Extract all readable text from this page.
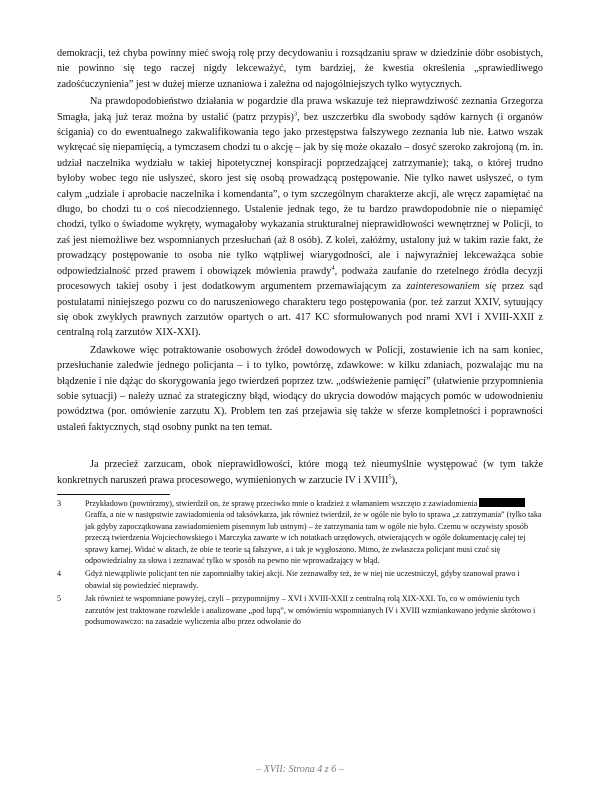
demokracji, też chyba powinny mieć swoją rolę przy decydowaniu i rozsądzaniu spraw w dziedzinie dóbr osobistych, nie powinno się tego raczej nigdy lekceważyć, tym bardziej, że kwestia określenia „sprawiedliwego zadośćuczynienia” jest w dużej mierze uznaniowa i zależna od najogólniejszych tylko wytycznych.

Na prawdopodobieństwo działania w pogardzie dla prawa wskazuje też nieprawdziwość zeznania Grzegorza Smagła, jaką już teraz można by ustalić (patrz przypis)$^3$, bez uszczerbku dla swobody sądów karnych (i organów ścigania) co do ewentualnego zakwalifikowania tego jako przestępstwa fałszywego zeznania lub nie. Łatwo wszak wykręcać się niepamięcią, a tymczasem chodzi tu o akcję – jak by się może okazało – dosyć szeroko zakrojoną (m. in. udział naczelnika wydziału w takiej hipotetycznej konspiracji poprzedzającej zatrzymanie); taką, o której trudno byłoby wobec tego nie usłyszeć, skoro jest się osobą prowadzącą postępowanie. Nie tylko nawet usłyszeć, o tym całym „udziale i aprobacie naczelnika i komendanta”, o tym szczególnym charakterze akcji, ale wręcz zapamiętać na długo, bo chodzi tu o coś niecodziennego. Ustalenie jednak tego, że tu bardzo prawdopodobnie nie o niepamięć chodzi, tylko o świadome wykręty, wymagałoby wykazania strukturalnej nieprawidłowości wewnętrznej w Policji, to zaś jest niemożliwe bez wspomnianych przesłuchań (aż 8 osób). Z kolei, załóżmy, ustalony już w takim razie fakt, że prowadzący postępowanie to osoba nie tylko wątpliwej wiarygodności, ale i najwyraźniej lekceważąca sobie odpowiedzialność przed prawem i obowiązek mówienia prawdy$^4$, podważa zaufanie do rzetelnego źródła decyzji procesowych takiej osoby i jest dodatkowym argumentem przemawiającym za zainteresowaniem się przez sąd postulatami niniejszego pozwu co do naruszeniowego charakteru tego postępowania (por. też zarzut XXIV, sytuujący się obok zwykłych prawnych zarzutów opartych o art. 417 KC sformułowanych pod nrami XVI i XVIII-XXII z centralną rolą zarzutów XIX-XXI).

Zdawkowe więc potraktowanie osobowych źródeł dowodowych w Policji, zostawienie ich na sam koniec, przesłuchanie zaledwie jednego policjanta – i to tylko, powtórzę, zdawkowe: w kilku zdaniach, pozwalając mu na błądzenie i nie dążąc do skorygowania jego twierdzeń poprzez tzw. „odświeżenie pamięci” (ułatwienie przypomnienia sobie sytuacji) – należy uznać za strategiczny błąd, wiodący do ukrycia dowodów mających pomóc w udowodnieniu powództwa (por. omówienie zarzutu X). Problem ten zaś przejawia się także w sferze kompletności i poprawności ustaleń faktycznych, stąd osobny punkt na ten temat.

Ja przecież zarzucam, obok nieprawidłowości, które mogą też nieumyślnie występować (w tym także konkretnych naruszeń prawa procesowego, wymienionych w zarzucie IV i XVIII$^5$),

3	Przykładowo (powtórzmy), stwierdził on, że sprawę przeciwko mnie o kradzież z włamaniem wszczęto z zawiadomienia Graffa, a nie w następstwie zawiadomienia od taksówkarza, jak również twierdził, że w ogóle nie było to sprawa „z zatrzymania” (tylko taka jak gdyby zapoczątkowana zawiadomieniem pisemnym lub ustnym) – że zatrzymania tam w ogóle nie było. Czemu w oczywisty sposób przeczą twierdzenia Wojciechowskiego i Marczyka zawarte w ich notatkach urzędowych, otwierających w ogóle dokumentację całej tej sprawy karnej. Widać w aktach, że obie te teorie są fałszywe, a i tak je wygłoszono. Mimo, że zwłaszcza policjant musi czuć się odpowiedzialny za słowa i zeznawać tylko w sposób na pewno nie wprowadzający w błąd.
4	Gdyż niewątpliwie policjant ten nie zapomniałby takiej akcji. Nie zeznawałby też, że w niej nie uczestniczył, gdyby szanował prawo i obawiał się powiedzieć nieprawdy.
5	Jak również te wspomniane powyżej, czyli – przypomnijmy – XVI i XVIII-XXII z centralną rolą XIX-XXI. To, co w omówieniu tych zarzutów jest traktowane rozwlekle i analizowane „pod lupą”, w omówieniu wspomnianych IV i XVIII wzmiankowano jedynie skrótowo i podsumowawczo: na zasadzie wyliczenia albo przez odwołanie do
– XVII: Strona 4 z 6 –
